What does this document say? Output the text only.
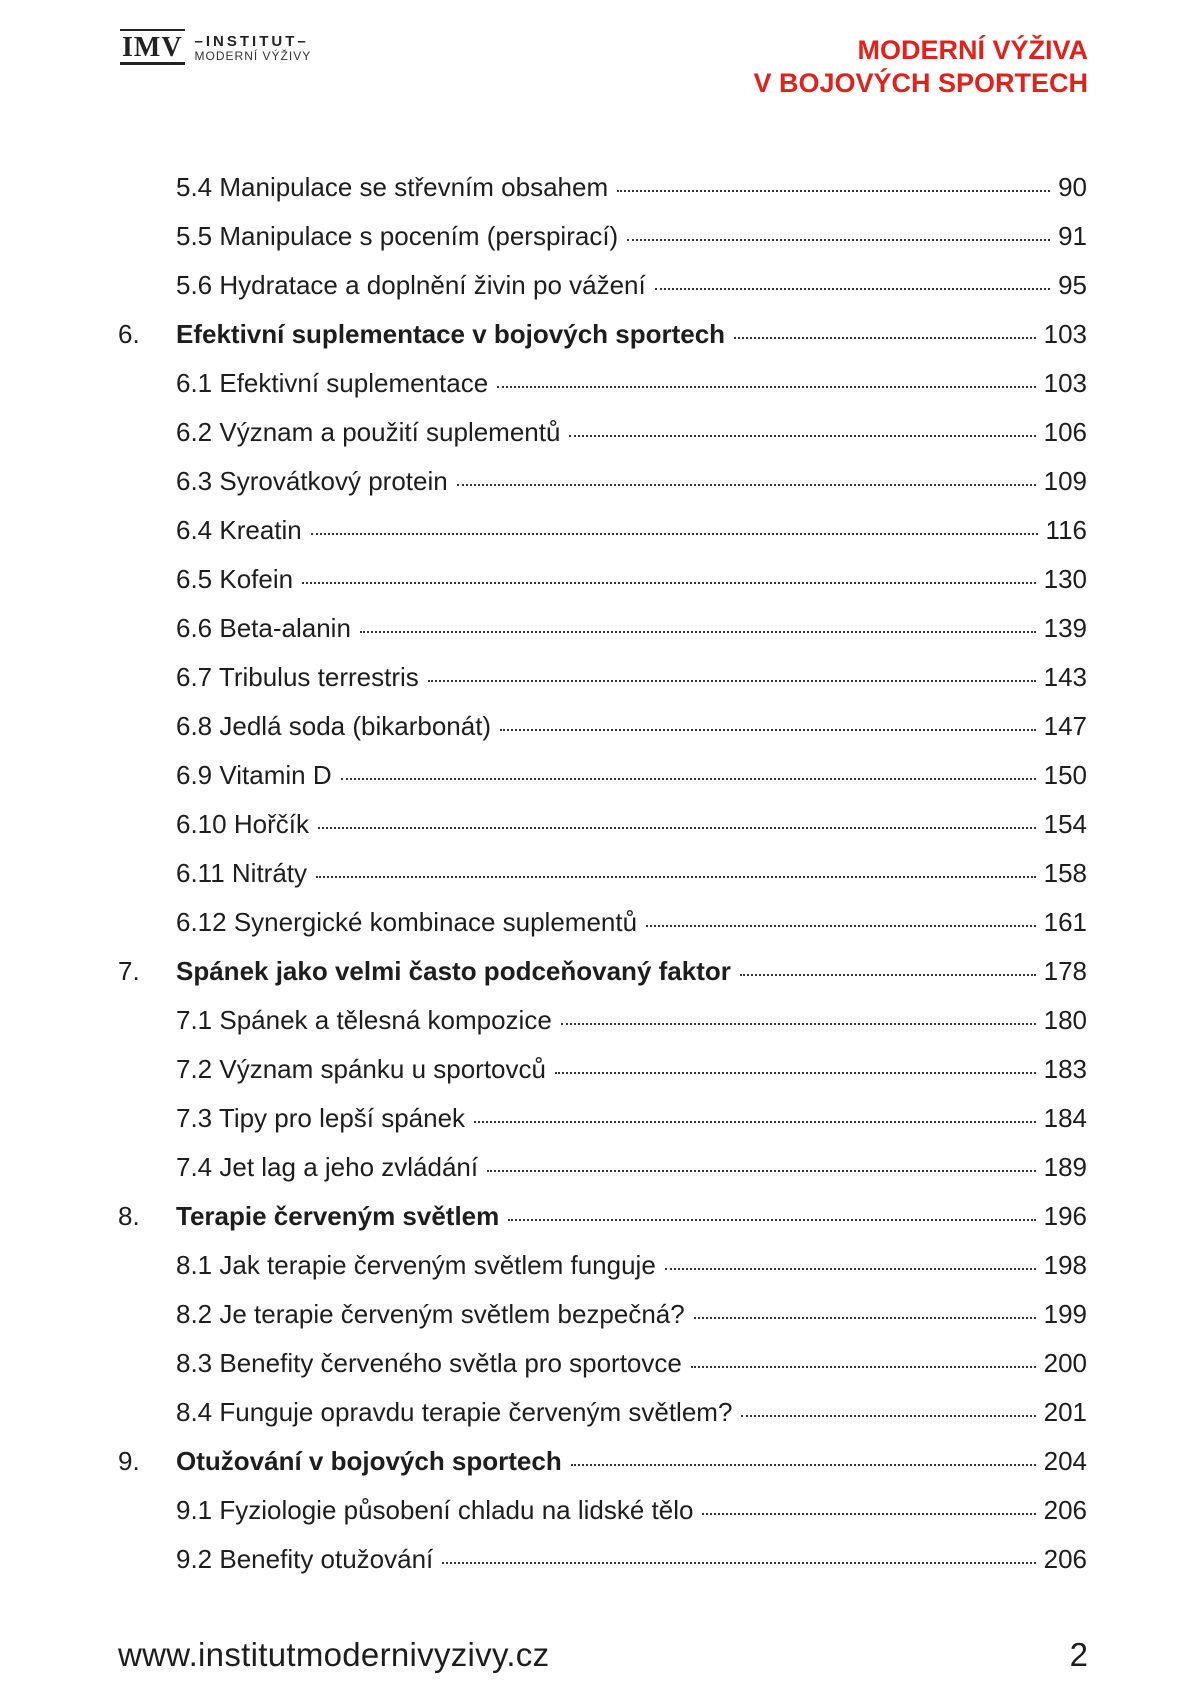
IMV –INSTITUT–
MODERNÍ VÝŽIVY	MODERNÍ VÝŽIVA
V BOJOVÝCH SPORTECH
5.4 Manipulace se střevním obsahem	90
5.5 Manipulace s pocením (perspirací)	91
5.6 Hydratace a doplnění živin po vážení	95
6.	Efektivní suplementace v bojových sportech	103
6.1 Efektivní suplementace	103
6.2 Význam a použití suplementů	106
6.3 Syrovátkový protein	109
6.4 Kreatin	116
6.5 Kofein	130
6.6 Beta-alanin	139
6.7 Tribulus terrestris	143
6.8 Jedlá soda (bikarbonát)	147
6.9 Vitamin D	150
6.10 Hořčík	154
6.11 Nitráty	158
6.12 Synergické kombinace suplementů	161
7.	Spánek jako velmi často podceňovaný faktor	178
7.1 Spánek a tělesná kompozice	180
7.2 Význam spánku u sportovců	183
7.3 Tipy pro lepší spánek	184
7.4 Jet lag a jeho zvládání	189
8.	Terapie červeným světlem	196
8.1 Jak terapie červeným světlem funguje	198
8.2 Je terapie červeným světlem bezpečná?	199
8.3 Benefity červeného světla pro sportovce	200
8.4 Funguje opravdu terapie červeným světlem?	201
9.	Otužování v bojových sportech	204
9.1 Fyziologie působení chladu na lidské tělo	206
9.2 Benefity otužování	206
www.institutmodernivyzivy.cz	2
